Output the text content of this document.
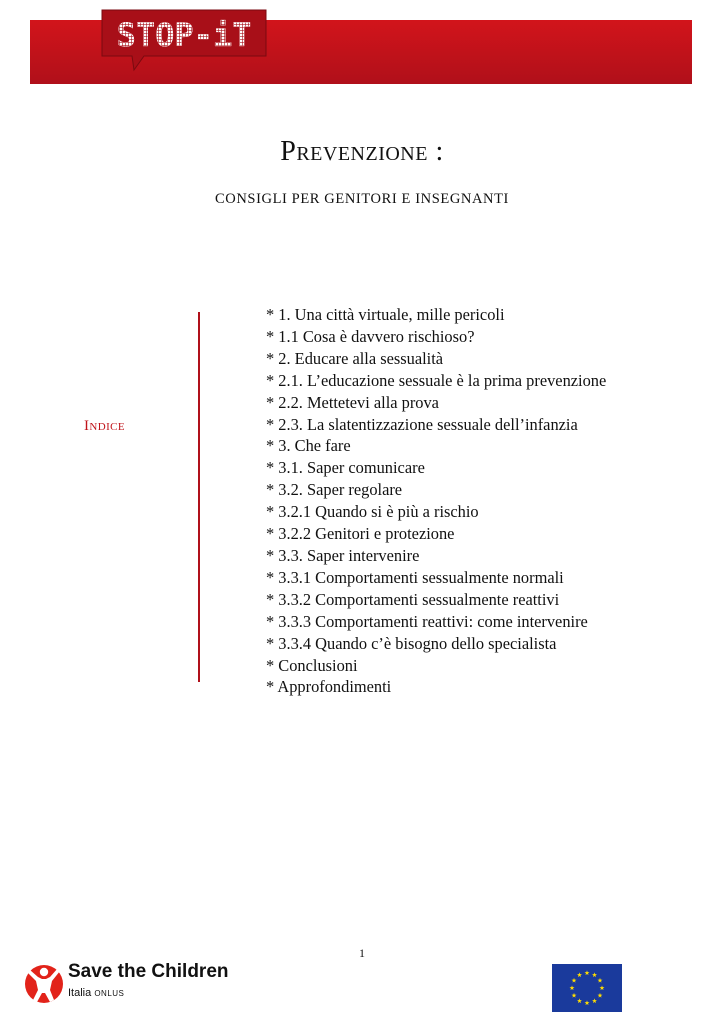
STOP-iT
Prevenzione :
CONSIGLI PER GENITORI E INSEGNANTI
Indice
* 1. Una città virtuale, mille pericoli
* 1.1 Cosa è davvero rischioso?
* 2. Educare alla sessualità
* 2.1. L’educazione sessuale è la prima prevenzione
* 2.2. Mettetevi alla prova
* 2.3. La slatentizzazione sessuale dell’infanzia
* 3. Che fare
* 3.1. Saper comunicare
* 3.2. Saper regolare
* 3.2.1 Quando si è più a rischio
* 3.2.2 Genitori e protezione
* 3.3. Saper intervenire
* 3.3.1 Comportamenti sessualmente normali
* 3.3.2 Comportamenti sessualmente reattivi
* 3.3.3 Comportamenti reattivi: come intervenire
* 3.3.4 Quando c’è bisogno dello specialista
* Conclusioni
* Approfondimenti
1
Save the Children
Italia ONLUS
